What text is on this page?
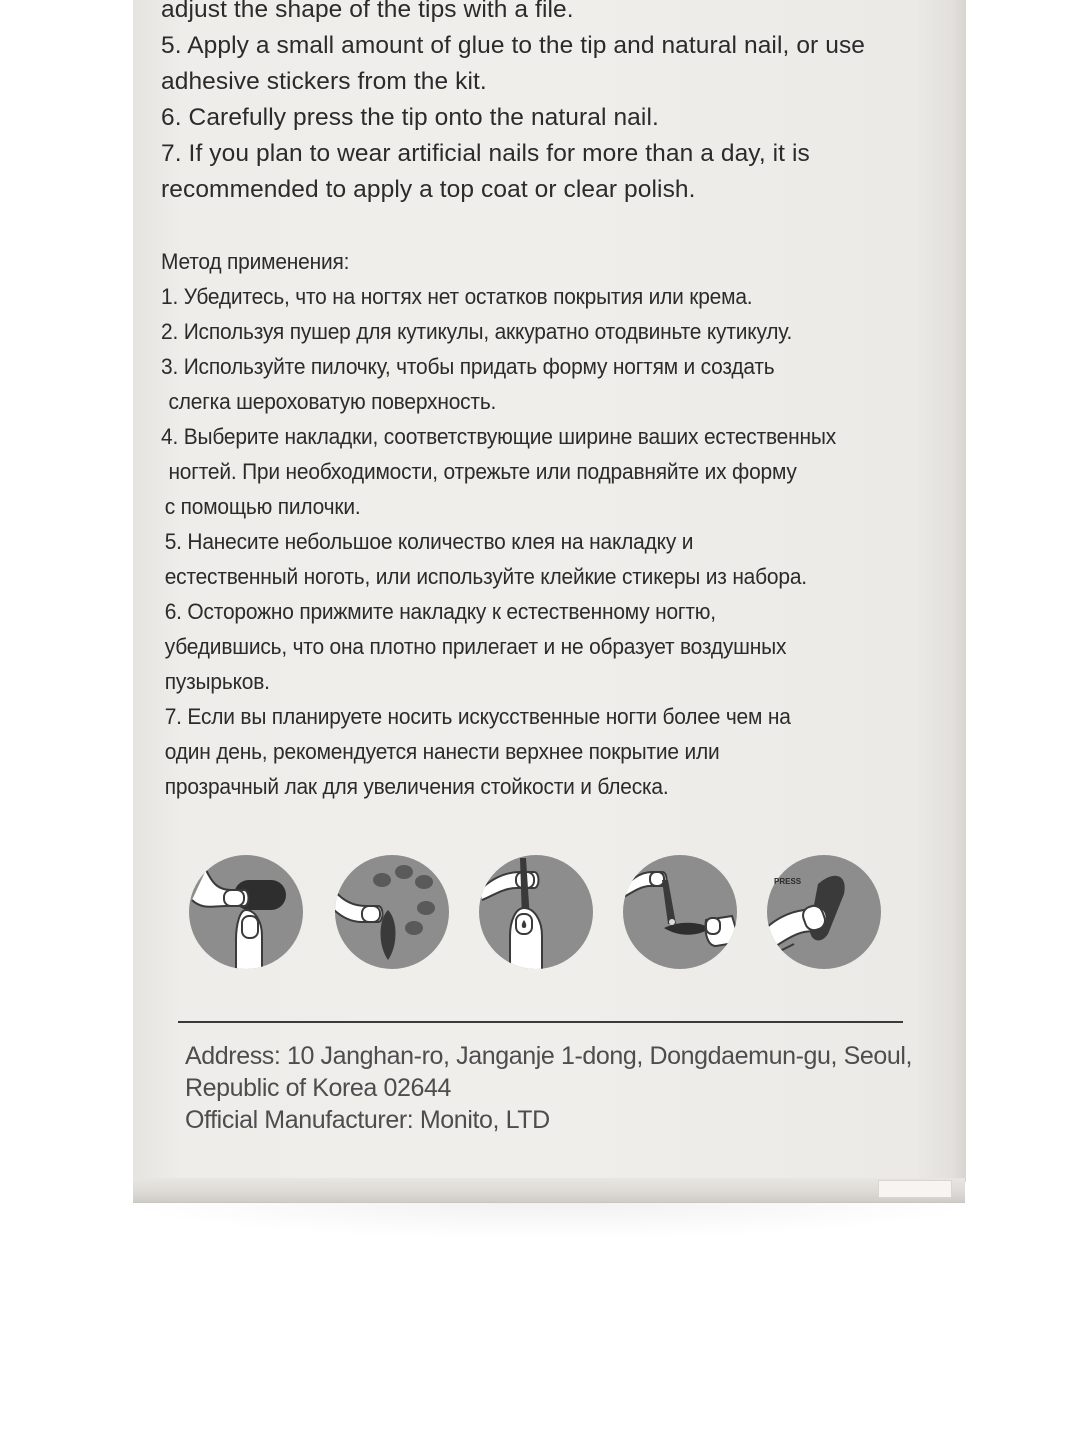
adjust the shape of the tips with a file.
5. Apply a small amount of glue to the tip and natural nail, or use
adhesive stickers from the kit.
6. Carefully press the tip onto the natural nail.
7. If you plan to wear artificial nails for more than a day, it is
recommended to apply a top coat or clear polish.
Метод применения:
1. Убедитесь, что на ногтях нет остатков покрытия или крема.
2. Используя пушер для кутикулы, аккуратно отодвиньте кутикулу.
3. Используйте пилочку, чтобы придать форму ногтям и создать
слегка шероховатую поверхность.
4. Выберите накладки, соответствующие ширине ваших естественных
ногтей. При необходимости, отрежьте или подравняйте их форму
с помощью пилочки.
5. Нанесите небольшое количество клея на накладку и
естественный ноготь, или используйте клейкие стикеры из набора.
6. Осторожно прижмите накладку к естественному ногтю,
убедившись, что она плотно прилегает и не образует воздушных
пузырьков.
7. Если вы планируете носить искусственные ногти более чем на
один день, рекомендуется нанести верхнее покрытие или
прозрачный лак для увеличения стойкости и блеска.
PRESS
Address: 10 Janghan-ro, Janganje 1-dong, Dongdaemun-gu, Seoul,
Republic of Korea 02644
Official Manufacturer: Monito, LTD
